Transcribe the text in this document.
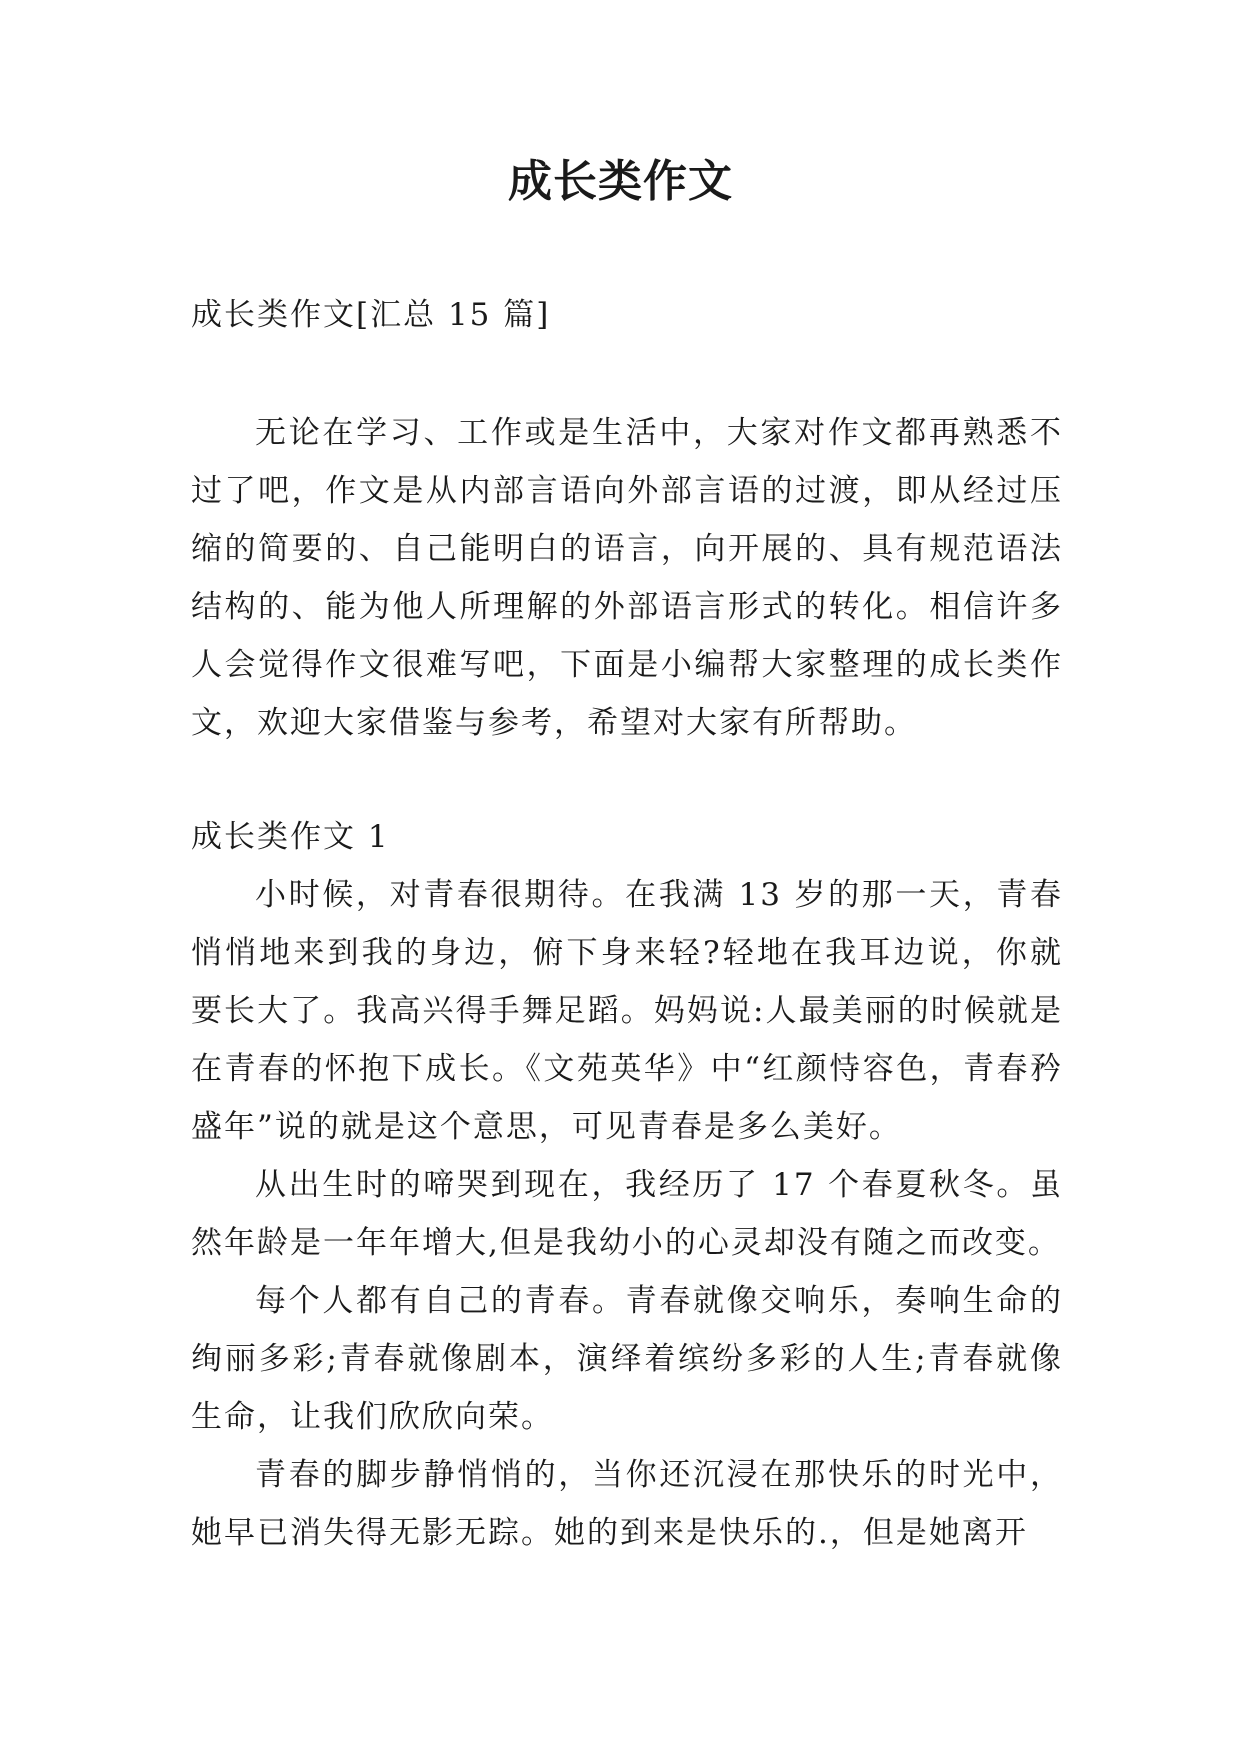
成长类作文
成长类作文[汇总 15 篇]

无论在学习、工作或是生活中，大家对作文都再熟悉不过了吧，作文是从内部言语向外部言语的过渡，即从经过压缩的简要的、自己能明白的语言，向开展的、具有规范语法结构的、能为他人所理解的外部语言形式的转化。相信许多人会觉得作文很难写吧，下面是小编帮大家整理的成长类作文，欢迎大家借鉴与参考，希望对大家有所帮助。

成长类作文 1

小时候，对青春很期待。在我满 13 岁的那一天，青春悄悄地来到我的身边，俯下身来轻?轻地在我耳边说，你就要长大了。我高兴得手舞足蹈。妈妈说:人最美丽的时候就是在青春的怀抱下成长。《文苑英华》中“红颜恃容色，青春矜盛年”说的就是这个意思，可见青春是多么美好。

从出生时的啼哭到现在，我经历了 17 个春夏秋冬。虽然年龄是一年年增大,但是我幼小的心灵却没有随之而改变。

每个人都有自己的青春。青春就像交响乐，奏响生命的绚丽多彩;青春就像剧本，演绎着缤纷多彩的人生;青春就像生命，让我们欣欣向荣。

青春的脚步静悄悄的，当你还沉浸在那快乐的时光中，她早已消失得无影无踪。她的到来是快乐的.，但是她离开
